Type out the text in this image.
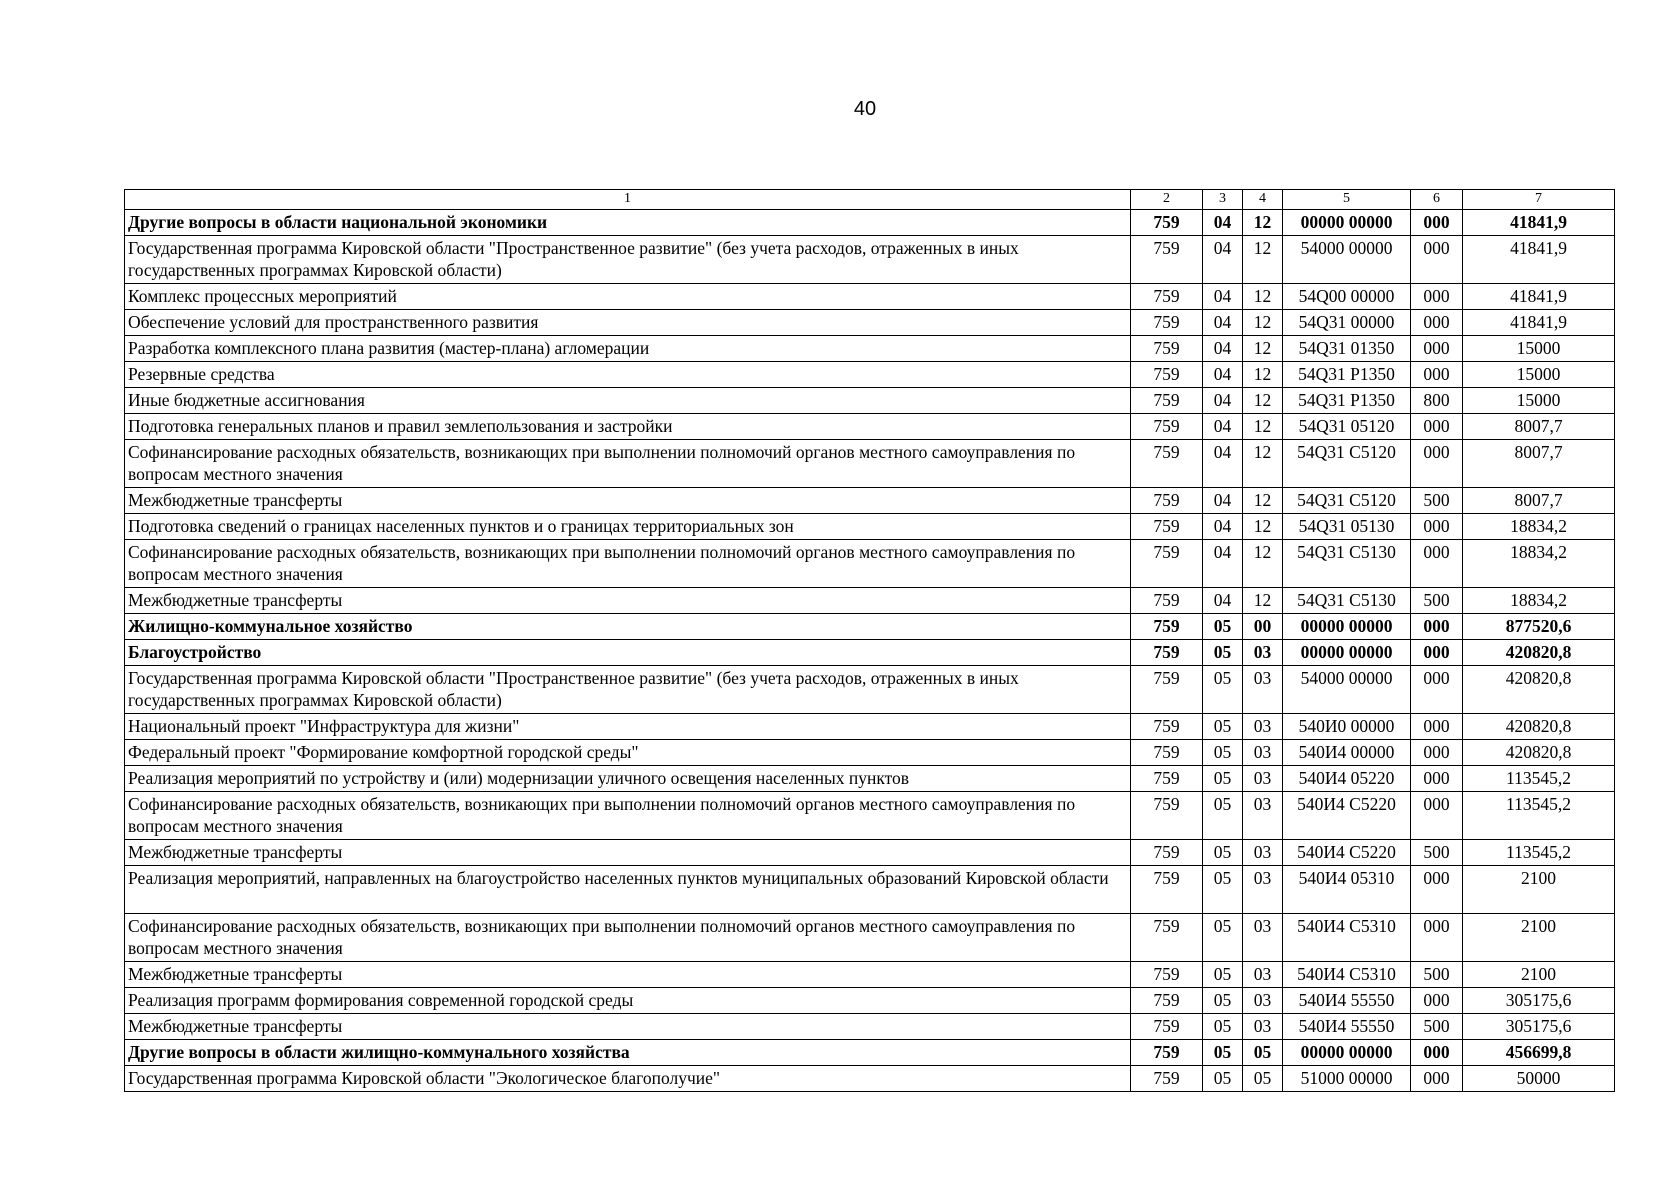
40
1	2	3	4	5	6	7
Другие вопросы в области национальной экономики	759	04	12	00000 00000	000	41841,9
Государственная программа Кировской области "Пространственное развитие" (без учета расходов, отраженных в иных государственных программах Кировской области)	759	04	12	54000 00000	000	41841,9
Комплекс процессных мероприятий	759	04	12	54Q00 00000	000	41841,9
Обеспечение условий для пространственного развития	759	04	12	54Q31 00000	000	41841,9
Разработка комплексного плана развития (мастер-плана) агломерации	759	04	12	54Q31 01350	000	15000
Резервные средства	759	04	12	54Q31 P1350	000	15000
Иные бюджетные ассигнования	759	04	12	54Q31 P1350	800	15000
Подготовка генеральных планов и правил землепользования и застройки	759	04	12	54Q31 05120	000	8007,7
Софинансирование расходных обязательств, возникающих при выполнении полномочий органов местного самоуправления по вопросам местного значения	759	04	12	54Q31 C5120	000	8007,7
Межбюджетные трансферты	759	04	12	54Q31 C5120	500	8007,7
Подготовка сведений о границах населенных пунктов и о границах территориальных зон	759	04	12	54Q31 05130	000	18834,2
Софинансирование расходных обязательств, возникающих при выполнении полномочий органов местного самоуправления по вопросам местного значения	759	04	12	54Q31 C5130	000	18834,2
Межбюджетные трансферты	759	04	12	54Q31 C5130	500	18834,2
Жилищно-коммунальное хозяйство	759	05	00	00000 00000	000	877520,6
Благоустройство	759	05	03	00000 00000	000	420820,8
Государственная программа Кировской области "Пространственное развитие" (без учета расходов, отраженных в иных государственных программах Кировской области)	759	05	03	54000 00000	000	420820,8
Национальный проект "Инфраструктура для жизни"	759	05	03	540И0 00000	000	420820,8
Федеральный проект "Формирование комфортной городской среды"	759	05	03	540И4 00000	000	420820,8
Реализация мероприятий по устройству и (или) модернизации уличного освещения населенных пунктов	759	05	03	540И4 05220	000	113545,2
Софинансирование расходных обязательств, возникающих при выполнении полномочий органов местного самоуправления по вопросам местного значения	759	05	03	540И4 C5220	000	113545,2
Межбюджетные трансферты	759	05	03	540И4 C5220	500	113545,2
Реализация мероприятий, направленных на благоустройство населенных пунктов муниципальных образований Кировской области	759	05	03	540И4 05310	000	2100
Софинансирование расходных обязательств, возникающих при выполнении полномочий органов местного самоуправления по вопросам местного значения	759	05	03	540И4 C5310	000	2100
Межбюджетные трансферты	759	05	03	540И4 C5310	500	2100
Реализация программ формирования современной городской среды	759	05	03	540И4 55550	000	305175,6
Межбюджетные трансферты	759	05	03	540И4 55550	500	305175,6
Другие вопросы в области жилищно-коммунального хозяйства	759	05	05	00000 00000	000	456699,8
Государственная программа Кировской области "Экологическое благополучие"	759	05	05	51000 00000	000	50000
